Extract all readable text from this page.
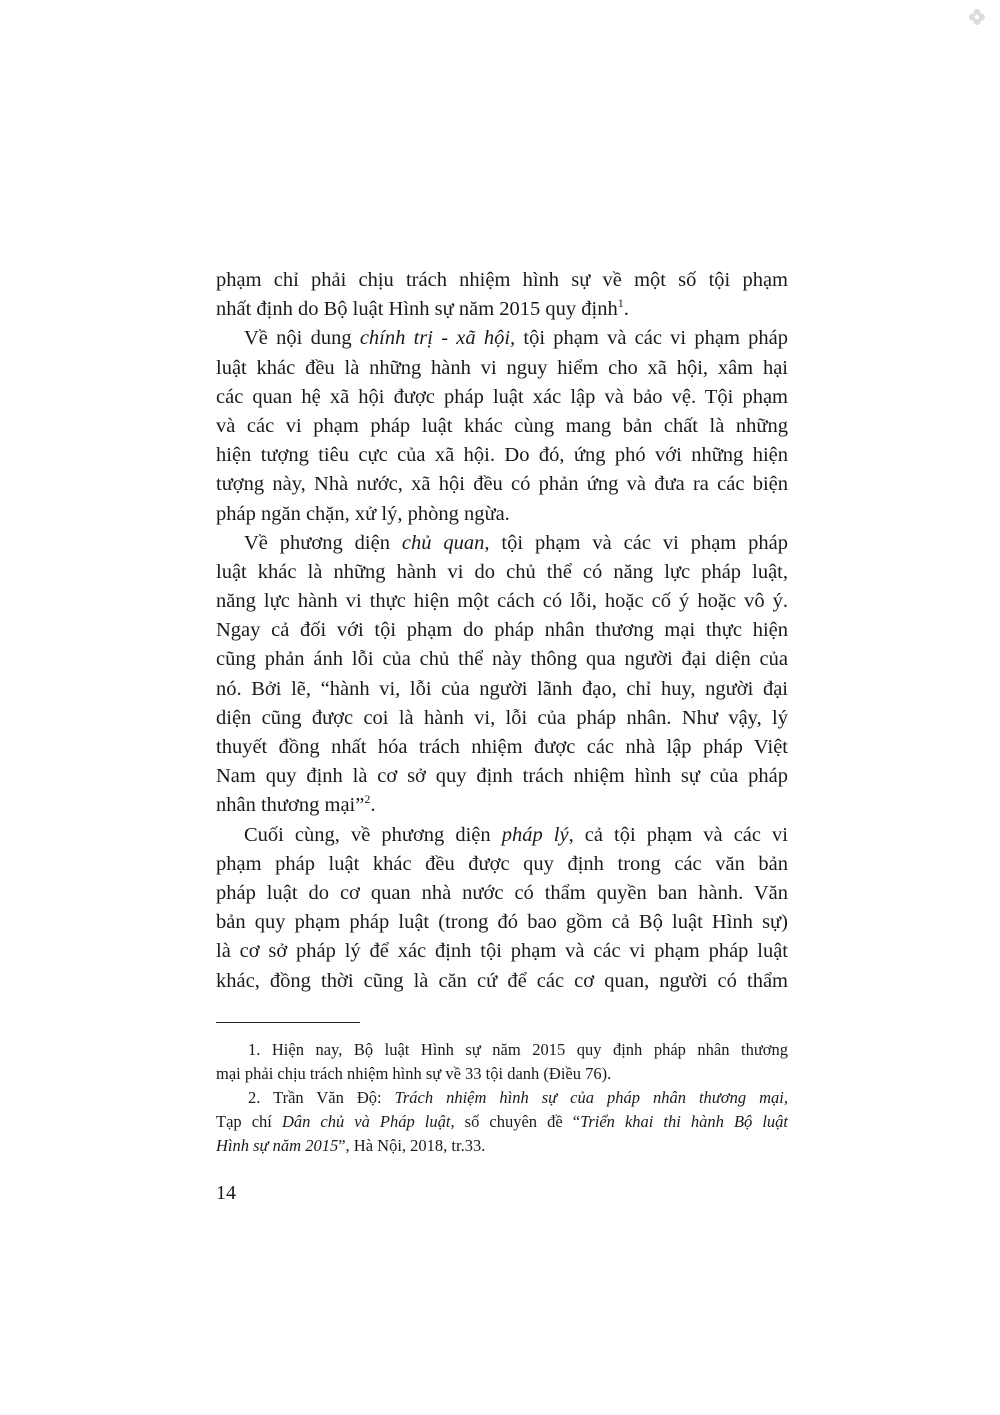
phạm chỉ phải chịu trách nhiệm hình sự về một số tội phạm
nhất định do Bộ luật Hình sự năm 2015 quy định$^1$.
Về nội dung chính trị - xã hội, tội phạm và các vi phạm pháp
luật khác đều là những hành vi nguy hiểm cho xã hội, xâm hại
các quan hệ xã hội được pháp luật xác lập và bảo vệ. Tội phạm
và các vi phạm pháp luật khác cùng mang bản chất là những
hiện tượng tiêu cực của xã hội. Do đó, ứng phó với những hiện
tượng này, Nhà nước, xã hội đều có phản ứng và đưa ra các biện
pháp ngăn chặn, xử lý, phòng ngừa.
Về phương diện chủ quan, tội phạm và các vi phạm pháp
luật khác là những hành vi do chủ thể có năng lực pháp luật,
năng lực hành vi thực hiện một cách có lỗi, hoặc cố ý hoặc vô ý.
Ngay cả đối với tội phạm do pháp nhân thương mại thực hiện
cũng phản ánh lỗi của chủ thể này thông qua người đại diện của
nó. Bởi lẽ, “hành vi, lỗi của người lãnh đạo, chỉ huy, người đại
diện cũng được coi là hành vi, lỗi của pháp nhân. Như vậy, lý
thuyết đồng nhất hóa trách nhiệm được các nhà lập pháp Việt
Nam quy định là cơ sở quy định trách nhiệm hình sự của pháp
nhân thương mại”$^2$.
Cuối cùng, về phương diện pháp lý, cả tội phạm và các vi
phạm pháp luật khác đều được quy định trong các văn bản
pháp luật do cơ quan nhà nước có thẩm quyền ban hành. Văn
bản quy phạm pháp luật (trong đó bao gồm cả Bộ luật Hình sự)
là cơ sở pháp lý để xác định tội phạm và các vi phạm pháp luật
khác, đồng thời cũng là căn cứ để các cơ quan, người có thẩm
1. Hiện nay, Bộ luật Hình sự năm 2015 quy định pháp nhân thương
mại phải chịu trách nhiệm hình sự về 33 tội danh (Điều 76).
2. Trần Văn Độ: Trách nhiệm hình sự của pháp nhân thương mại,
Tạp chí Dân chủ và Pháp luật, số chuyên đề “Triển khai thi hành Bộ luật
Hình sự năm 2015”, Hà Nội, 2018, tr.33.
14
